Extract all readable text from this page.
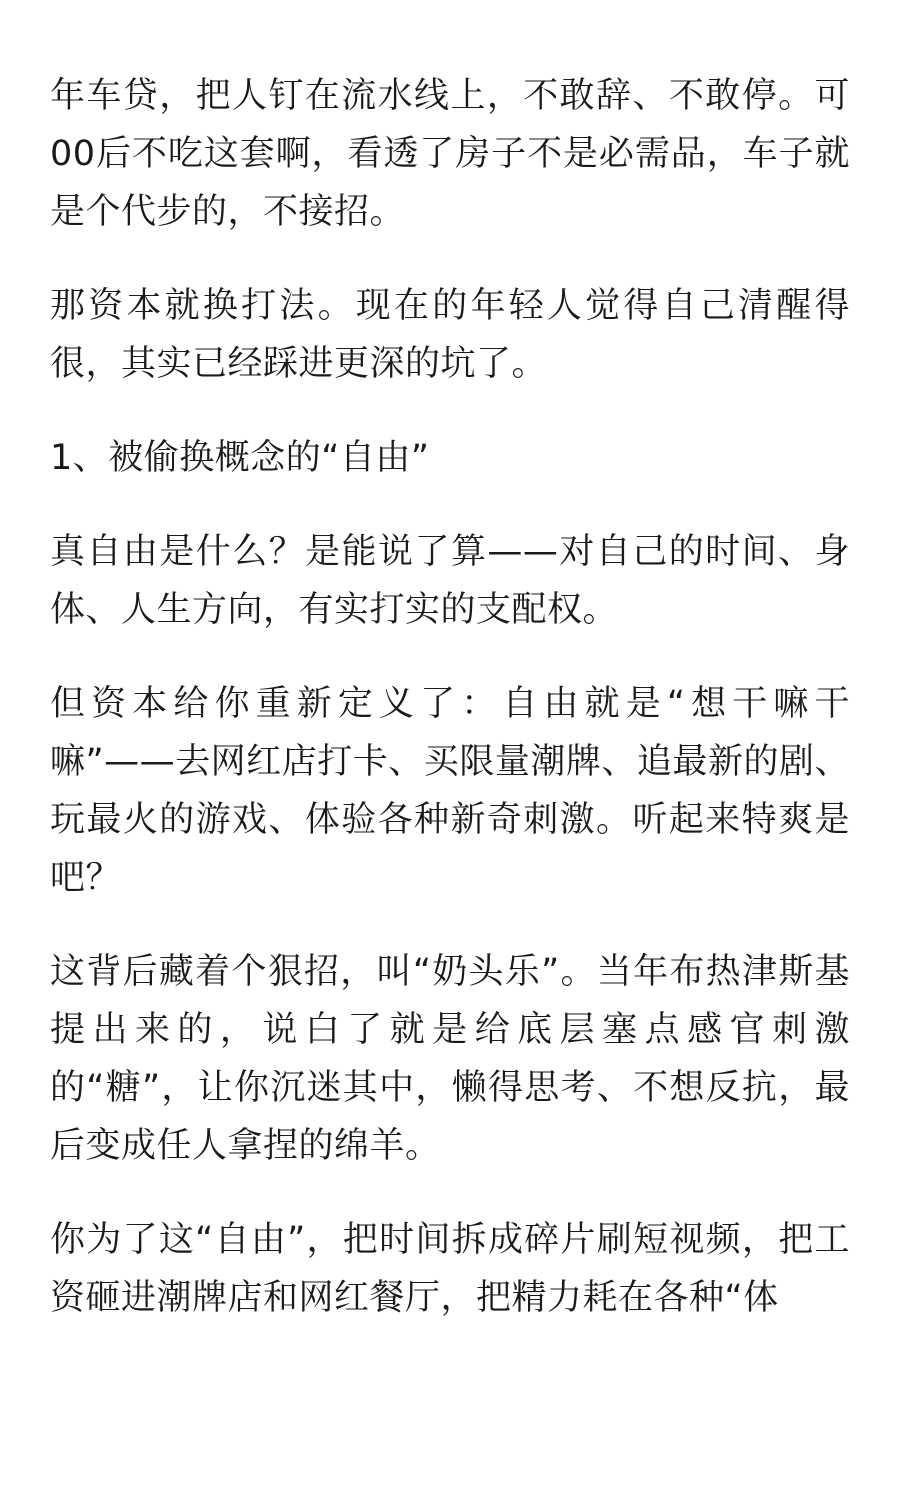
年车贷，把人钉在流水线上，不敢辞、不敢停。可00后不吃这套啊，看透了房子不是必需品，车子就是个代步的，不接招。

那资本就换打法。现在的年轻人觉得自己清醒得很，其实已经踩进更深的坑了。

1、被偷换概念的“自由”

真自由是什么？是能说了算——对自己的时间、身体、人生方向，有实打实的支配权。

但资本给你重新定义了：自由就是“想干嘛干嘛”——去网红店打卡、买限量潮牌、追最新的剧、玩最火的游戏、体验各种新奇刺激。听起来特爽是吧？

这背后藏着个狠招，叫“奶头乐”。当年布热津斯基提出来的，说白了就是给底层塞点感官刺激的“糖”，让你沉迷其中，懒得思考、不想反抗，最后变成任人拿捏的绵羊。

你为了这“自由”，把时间拆成碎片刷短视频，把工资砸进潮牌店和网红餐厅，把精力耗在各种“体
